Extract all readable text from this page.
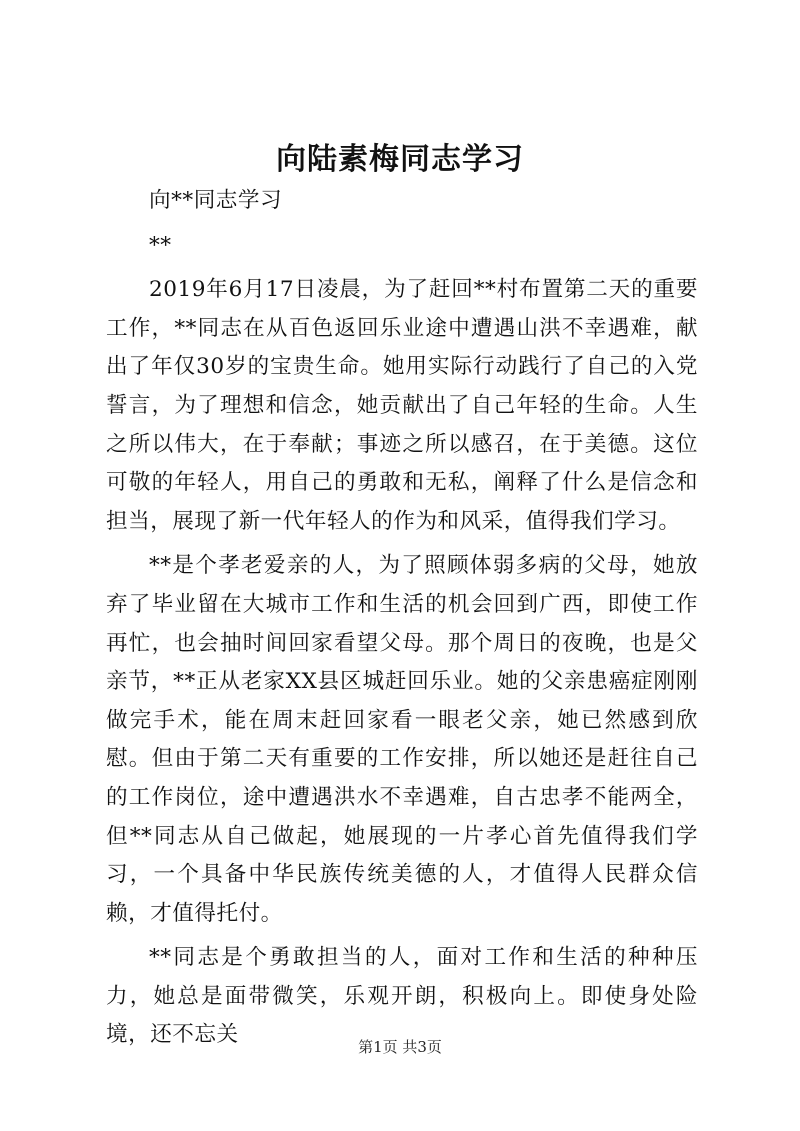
向陆素梅同志学习

向**同志学习

**

2019年6月17日凌晨，为了赶回**村布置第二天的重要工作，**同志在从百色返回乐业途中遭遇山洪不幸遇难，献出了年仅30岁的宝贵生命。她用实际行动践行了自己的入党誓言，为了理想和信念，她贡献出了自己年轻的生命。人生之所以伟大，在于奉献；事迹之所以感召，在于美德。这位可敬的年轻人，用自己的勇敢和无私，阐释了什么是信念和担当，展现了新一代年轻人的作为和风采，值得我们学习。

**是个孝老爱亲的人，为了照顾体弱多病的父母，她放弃了毕业留在大城市工作和生活的机会回到广西，即使工作再忙，也会抽时间回家看望父母。那个周日的夜晚，也是父亲节，**正从老家XX县区城赶回乐业。她的父亲患癌症刚刚做完手术，能在周末赶回家看一眼老父亲，她已然感到欣慰。但由于第二天有重要的工作安排，所以她还是赶往自己的工作岗位，途中遭遇洪水不幸遇难，自古忠孝不能两全，但**同志从自己做起，她展现的一片孝心首先值得我们学习，一个具备中华民族传统美德的人，才值得人民群众信赖，才值得托付。

**同志是个勇敢担当的人，面对工作和生活的种种压力，她总是面带微笑，乐观开朗，积极向上。即使身处险境，还不忘关	第1页 共3页
